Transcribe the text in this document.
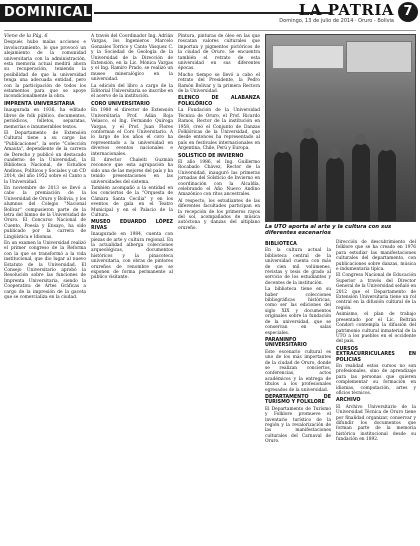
DOMINICAL	LA PATRIA
Domingo, 13 de julio de 2014 · Oruro - Bolivia
7

Viene de la Pág. 6

Después hubo malas acciones e involucramiento, lo que provocó un alejamiento de la comunidad universitaria con la administración, esta memoria actual medirá ahora su recuperación, teniendo la posibilidad de que la universidad tenga una adecuada entidad, pero con la participación de todos los estamentos para que se apoye incondicionalmente la obra.

IMPRENTA UNIVERSITARIA

Inaugurada en 1936, ha editado libros de folk público, documentos, periódicos, folletos, separatas, memorias e innumerables textos.

El Departamento de Extensión Cultural tiene a su cargo las "Publicaciones", la serie "Colección Amauta", dependiente de la carrera de Derecho y publicó un destacado cuaderno de la Universidad, la Biblioteca Nacional, de Estudios Andinos, Políticos y Sociales y un CD 2014, del año 1952 sobre el Canto a la Universidad.

En noviembre de 2013 se llevó a cabo la premiación de la Universidad de Oruro y Bolivia, y los alumnos del Colegio "Nacional Bolívar" compusieron parte de la letra del himno de la Universidad de Oruro. El Concurso Nacional de Cuento, Poesía y Ensayo, ha sido publicado por la carrera de Lingüística e Idiomas.

En un examen la Universidad realizó el primer congreso de la Reforma con la que se transformó a la vida institucional, que dio lugar al nuevo Estatuto de la Universidad. El Consejo Universitario aprobó la Resolución sobre las funciones de Imprenta Universitaria, siendo la Cooperativa de Artes Gráficas a cargo de la impresión de la gaceta que se comercializa en la ciudad.

A través del Coordinador Ing. Adrián Vargas, los Ingenieros Marcelo Gonzales Torrico y Canto Vásquez C. y la Sociedad de Geología de la Universidad de la Dirección de Extensión, en la Lic. Mónica Vargas y el Ing. Ramiro Prado, se realizó un museo mineralógico en la universidad.

La edición del libro a cargo de la Editorial Universitaria se inscribe en el acervo de la institución.

CORO UNIVERSITARIO

En 1980 el director de Extensión Universitaria Prof. Adán Roja Velasco, el Ing. Fernando Quiroga Vargas, y el Prof. Juan Flores conforman el Coro Universitario. A lo largo de los años el coro ha representado a la universidad en diversos eventos nacionales e internacionales.

El director Chaleiti Guzmán reconoce que esta agrupación ha sido una de las mejores del país y ha tenido presentaciones en las universidades del sistema.

También acompañó a la entidad en los conciertos de la "Orquesta de Cámara Santa Cecilia" y en los eventos de gala en el Teatro Municipal y en el Palacio de la Cultura.

MUSEO EDUARDO LÓPEZ RIVAS

Inaugurado en 1984, cuenta con piezas de arte y cultura regional. En la actualidad alberga colecciones arqueológicas, documentos históricos y la pinacoteca universitaria, con obras de pintores orureños de renombre que se exponen de forma permanente al público visitante.

Pintura, pinturas de óleo en las que rescatan valores culturales que importan y pigmentos pictóricos de la ciudad de Oruro. Se encuentra también el retrato de esta universidad en sus diferentes épocas.

Mucho tiempo se llevó a cabo el retrato del Presidente, la Pedro Ramón Bolivar y la primera Rectora de la Universidad.

ELENCO DE ALABANZA FOLKLÓRICO

La Fundación de la Universidad Técnica de Oruro, el Prof. Ricardo Ramos, Rector de la institución en 1958, creó el Conjunto de Danzas Folklóricas de la Universidad, que desde entonces ha representado al país en festivales internacionales en Argentina, Chile, Perú y Europa.

SOLISTICO DE INVIERNO

El año 1986, el Ing. Guillermo Rocabado Chávez, Rector de la Universidad, inauguró las primeras jornadas del Solsticio de Invierno en coordinación con la Alcaldía, celebrando el Año Nuevo Andino Amazónico con ritos ancestrales.

Al respecto, los estudiantes de las diferentes facultades participan en la recepción de los primeros rayos del sol, acompañados de música autóctona y danzas del altiplano orureño.	La UTO aporta al arte y la cultura con sus diferentes escenarios

BIBLIOTECA

En la cultura actual la biblioteca central de la universidad cuenta con más de cien mil volúmenes, revistas y tesis de grado al servicio de los estudiantes y docentes de la institución.

La biblioteca tiene en su haber colecciones bibliográficas históricas, como ser las ediciones del siglo XIX y documentos originales sobre la fundación de la universidad, que se conservan en salas especiales.

PARANINFO UNIVERSITARIO

Este escenario cultural es uno de los más importantes de la ciudad de Oruro, donde se realizan conciertos, conferencias, actos académicos y la entrega de títulos a los profesionales egresados de la universidad.

DEPARTAMENTO DE TURISMO Y FOLKLORE

El Departamento de Turismo y Folklore promueve el inventario turístico de la región y la revalorización de las manifestaciones culturales del Carnaval de Oruro.

Dirección de descubrimiento del folklore que se ha creado en 1976 para estudiar las manifestaciones culturales del departamento, con publicaciones sobre danzas, música e indumentaria típica.

El Congreso Nacional de Educación Superior a través del Director General de la Universidad señaló en 2012 que el Departamento de Extensión Universitaria tiene un rol central en la difusión cultural de la región.

Asimismo, el plan de trabajo presentado por el Lic. Beltrán Condori contempla la difusión del patrimonio cultural inmaterial de la UTO a los pueblos en el occidente del país.

CURSOS EXTRACURRICULARES EN POLICIAS

En realidad estos cursos no son profesionales, sino de aprendizaje para las personas que quieren complementar su formación en idiomas, computación, artes y oficios técnicos.

ARCHIVO

El Archivo Universitario de la Universidad Técnica de Oruro tiene por finalidad organizar, conservar y difundir los documentos que forman parte de la memoria histórica institucional desde su fundación en 1892.
